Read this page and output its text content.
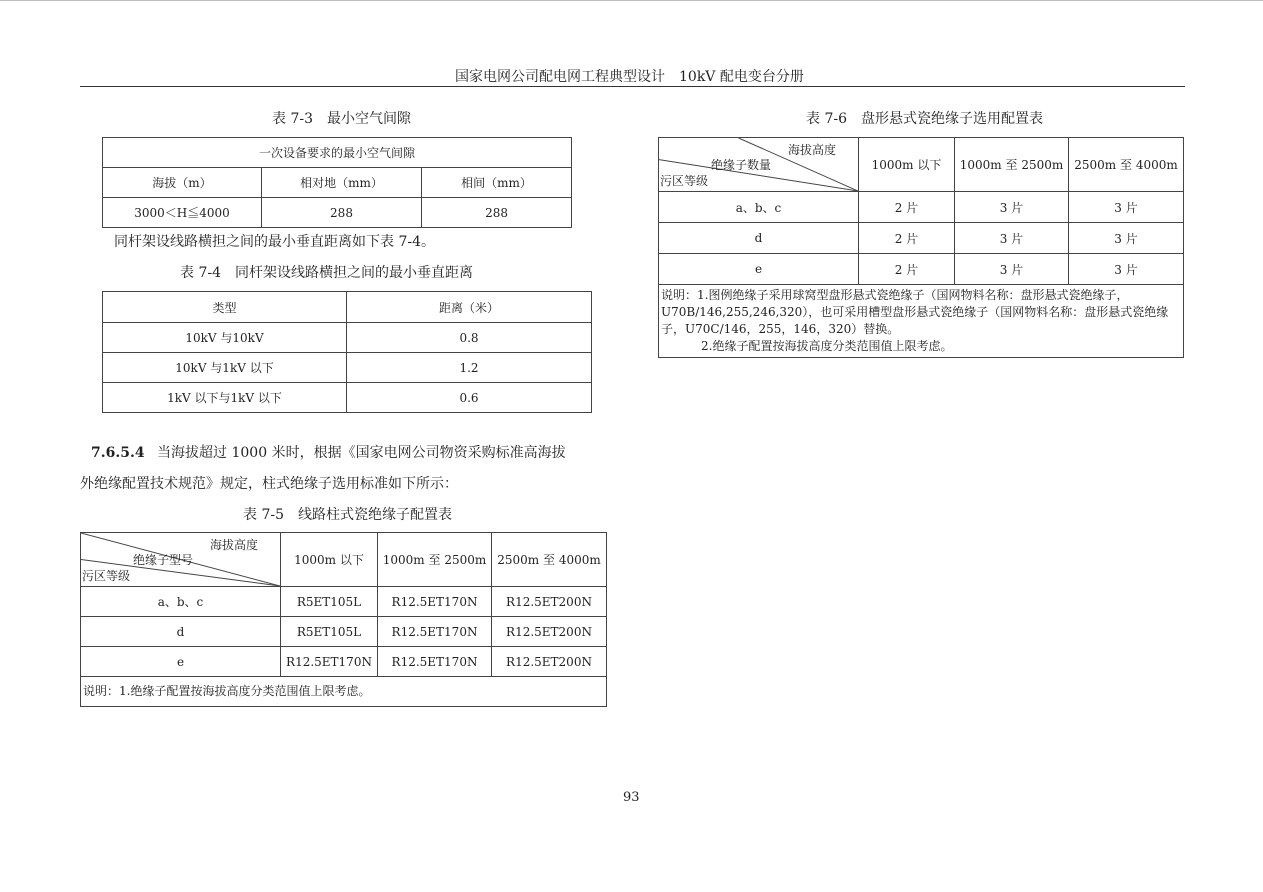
国家电网公司配电网工程典型设计　10kV 配电变台分册
表 7-3　最小空气间隙
一次设备要求的最小空气间隙		
海拔（m）	相对地（mm）	相间（mm）
3000＜H≦4000	288	288
同杆架设线路横担之间的最小垂直距离如下表 7-4。
表 7-4　同杆架设线路横担之间的最小垂直距离
类型	距离（米）
10kV 与10kV	0.8
10kV 与1kV 以下	1.2
1kV 以下与1kV 以下	0.6
7.6.5.4 当海拔超过 1000 米时，根据《国家电网公司物资采购标准高海拔
外绝缘配置技术规范》规定，柱式绝缘子选用标准如下所示：
表 7-5　线路柱式瓷绝缘子配置表
海拔高度
绝缘子型号
污区等级	1000m 以下	1000m 至 2500m	2500m 至 4000m
a、b、c	R5ET105L	R12.5ET170N	R12.5ET200N
d	R5ET105L	R12.5ET170N	R12.5ET200N
e	R12.5ET170N	R12.5ET170N	R12.5ET200N
说明：1.绝缘子配置按海拔高度分类范围值上限考虑。			
表 7-6　盘形悬式瓷绝缘子选用配置表
海拔高度
绝缘子数量
污区等级	1000m 以下	1000m 至 2500m	2500m 至 4000m
a、b、c	2 片	3 片	3 片
d	2 片	3 片	3 片
e	2 片	3 片	3 片

说明：1.图例绝缘子采用球窝型盘形悬式瓷绝缘子（国网物料名称：盘形悬式瓷绝缘子，U70B/146,255,246,320），也可采用槽型盘形悬式瓷绝缘子（国网物料名称：盘形悬式瓷绝缘子，U70C/146，255，146，320）替换。
2.绝缘子配置按海拔高度分类范围值上限考虑。			
93
